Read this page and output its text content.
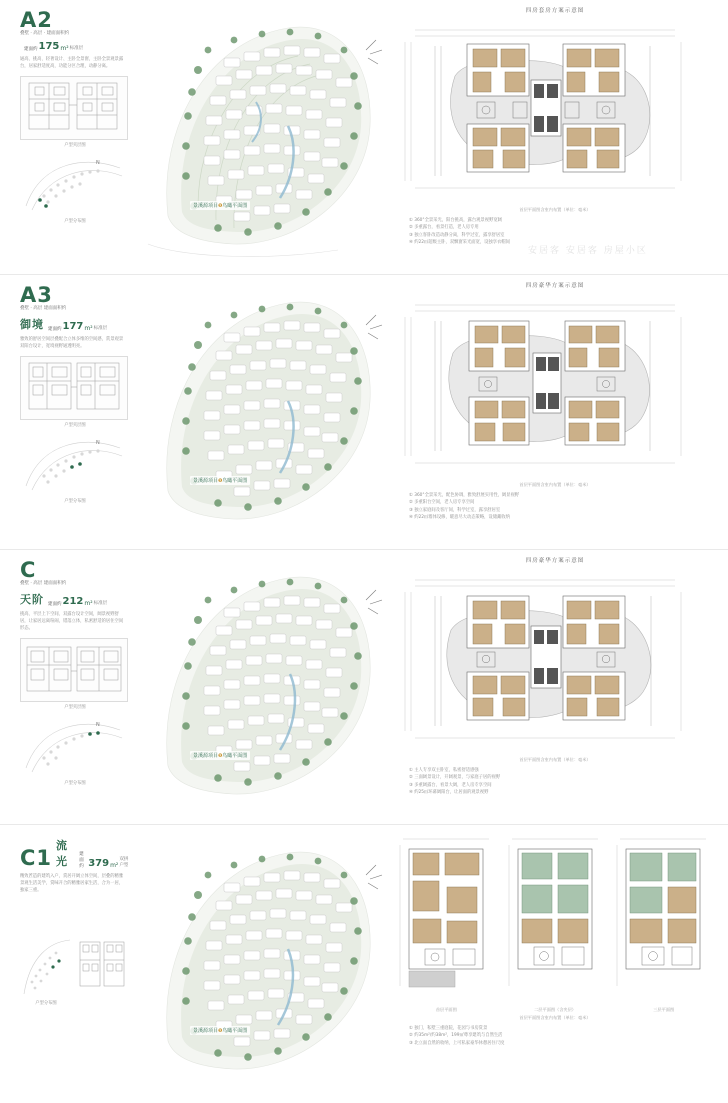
安居客 安居客 房屋小区
A2
叠墅 · 高层 · 建面面积约
建面约 175 m² 标准层
通高、挑高、轻奢设计、主卧全景窗，主卧全景观景露台，居家舒适度高，功能分区合理，动静分离。
户型夹层图
N
户型分布图
景溪源项目❶鸟瞰平面图
四房套房方案示意图
首层平面图含室内布置（单位：毫米）
① 360°全景采光，阳台挑高，露台观景视野宽阔
② 多重露台，看景打造，老人房专用
③ 独立客卧改造动静分离，科学过室，露享舒居室
④ 约22㎡超级主卧，双飘窗采光面宽，设独享衣帽间
A3
叠墅 · 高层 建面面积约
御境 建面约 177 m² 标准层
雅致的舒居空间层叠配合立体多维的空间感，赏景观景双阳台设计，宽境视野通透明亮。
户型夹层图
N
户型分布图
景溪源项目❶鸟瞰平面图
四房豪华方案示意图
首层平面图含室内布置（单位：毫米）
① 360°全景采光，配色协调，雅致舒展实用性，阔显视野
② 多重阳台空间，老人房专享空间
③ 独立家庭间及客厅间，科学过室，露享舒居室
④ 约22㎡墙体设修，暖意尽大动态策略，设储藏收纳
C
叠墅 · 高层 建面面积约
天阶 建面约 212 m² 标准层
挑高、平层上下空间、双露台设计空间，阔景视野舒居，让家居远离喧闹，错落立体，私密舒适的居住空间形态。
户型夹层图
N
户型分布图
景溪源项目❶鸟瞰平面图
四房豪华方案示意图
首层平面图含室内布置（单位：毫米）
① 主人专享双主卧室，私密舒适感强
② 三面阔景设计，开阔观景，与家庭子居的视野
③ 多重阔露台，看景大阔，老人房专享空间
④ 约25㎡环幕阔阳台，让居面的观景视野
C1
流光
建面约 379 m²
双拼户型
精致匠造的建筑入户，赏居开阔立体空间，层叠的精雅景观生活美学，赏味开合的精雅居家生活，合为一居，独家三重。
户型分布图
景溪源项目❶鸟瞰平面图
首层平面图	二层平面图（含夹层）	三层平面图
首层平面图含室内布置（单位：毫米）
① 独门、私墅三重庭院，花园与书房赏景
② 约35m²/约38m²，199㎡尊享建筑与自然生活
③ 北立面自然的收纳，上可私家豪华休憩居住尺度
